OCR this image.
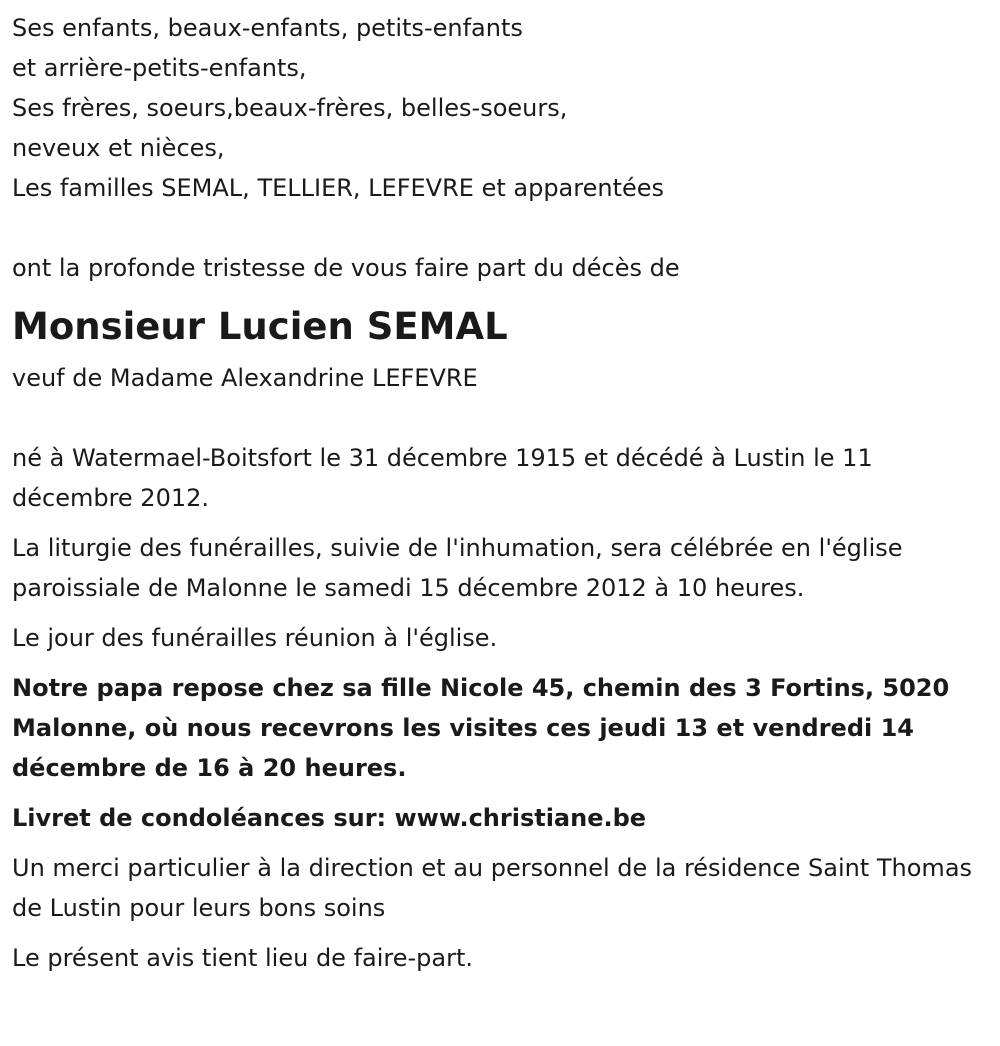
Ses enfants, beaux-enfants, petits-enfants
et arrière-petits-enfants,
Ses frères, soeurs,beaux-frères, belles-soeurs,
neveux et nièces,
Les familles SEMAL, TELLIER, LEFEVRE et apparentées
ont la profonde tristesse de vous faire part du décès de
Monsieur Lucien SEMAL
veuf de Madame Alexandrine LEFEVRE

né à Watermael-Boitsfort le 31 décembre 1915 et décédé à Lustin le 11 décembre 2012.

La liturgie des funérailles, suivie de l'inhumation, sera célébrée en l'église paroissiale de Malonne le samedi 15 décembre 2012 à 10 heures.

Le jour des funérailles réunion à l'église.

Notre papa repose chez sa fille Nicole 45, chemin des 3 Fortins, 5020 Malonne, où nous recevrons les visites ces jeudi 13 et vendredi 14 décembre de 16 à 20 heures.

Livret de condoléances sur: www.christiane.be

Un merci particulier à la direction et au personnel de la résidence Saint Thomas de Lustin pour leurs bons soins

Le présent avis tient lieu de faire-part.
